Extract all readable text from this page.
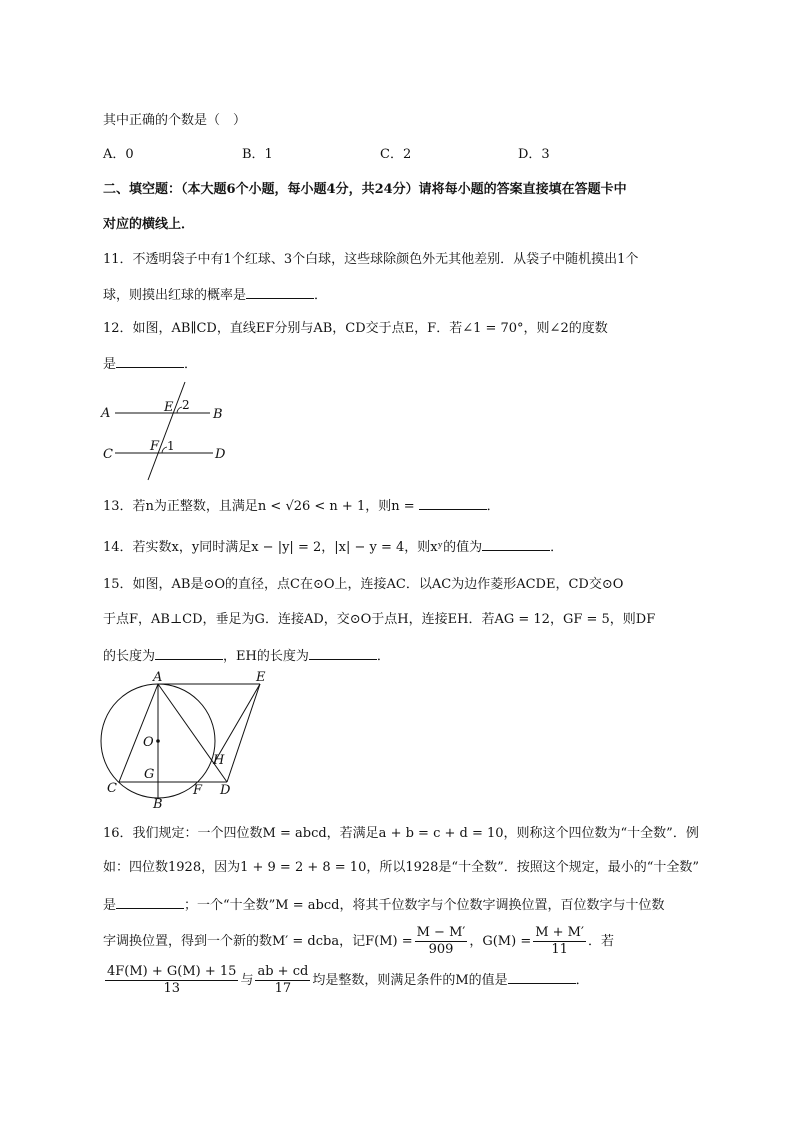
其中正确的个数是（　）
A．0	B．1	C．2	D．3
二、填空题：（本大题6个小题，每小题4分，共24分）请将每小题的答案直接填在答题卡中
对应的横线上．
11．不透明袋子中有1个红球、3个白球，这些球除颜色外无其他差别．从袋子中随机摸出1个
球，则摸出红球的概率是	．
12．如图，AB∥CD，直线EF分别与AB，CD交于点E，F．若∠1 = 70°，则∠2的度数
是	．
A	B
C	D
E
F
2
1
13．若n为正整数，且满足n < √26 < n + 1，则n =	．
14．若实数x，y同时满足x − |y| = 2，|x| − y = 4，则xʸ的值为	．
15．如图，AB是⊙O的直径，点C在⊙O上，连接AC．以AC为边作菱形ACDE，CD交⊙O
于点F，AB⊥CD，垂足为G．连接AD，交⊙O于点H，连接EH．若AG = 12，GF = 5，则DF
的长度为	，EH的长度为	．
A	E
O
H
G
C	F D
B
16．我们规定：一个四位数M = abcd，若满足a + b = c + d = 10，则称这个四位数为“十全数”．例
如：四位数1928，因为1 + 9 = 2 + 8 = 10，所以1928是“十全数”．按照这个规定，最小的“十全数”
是	；一个“十全数”M = abcd，将其千位数字与个位数字调换位置，百位数字与十位数
字调换位置，得到一个新的数M′ = dcba，记$F(M) = \frac{M - M'}{909}$ ，$G(M) = \frac{M + M'}{11}$ ．若
$\frac{4F(M) + G(M) + 15}{13}$ 与 $\frac{ab + cd}{17}$ 均是整数，则满足条件的M的值是	．
